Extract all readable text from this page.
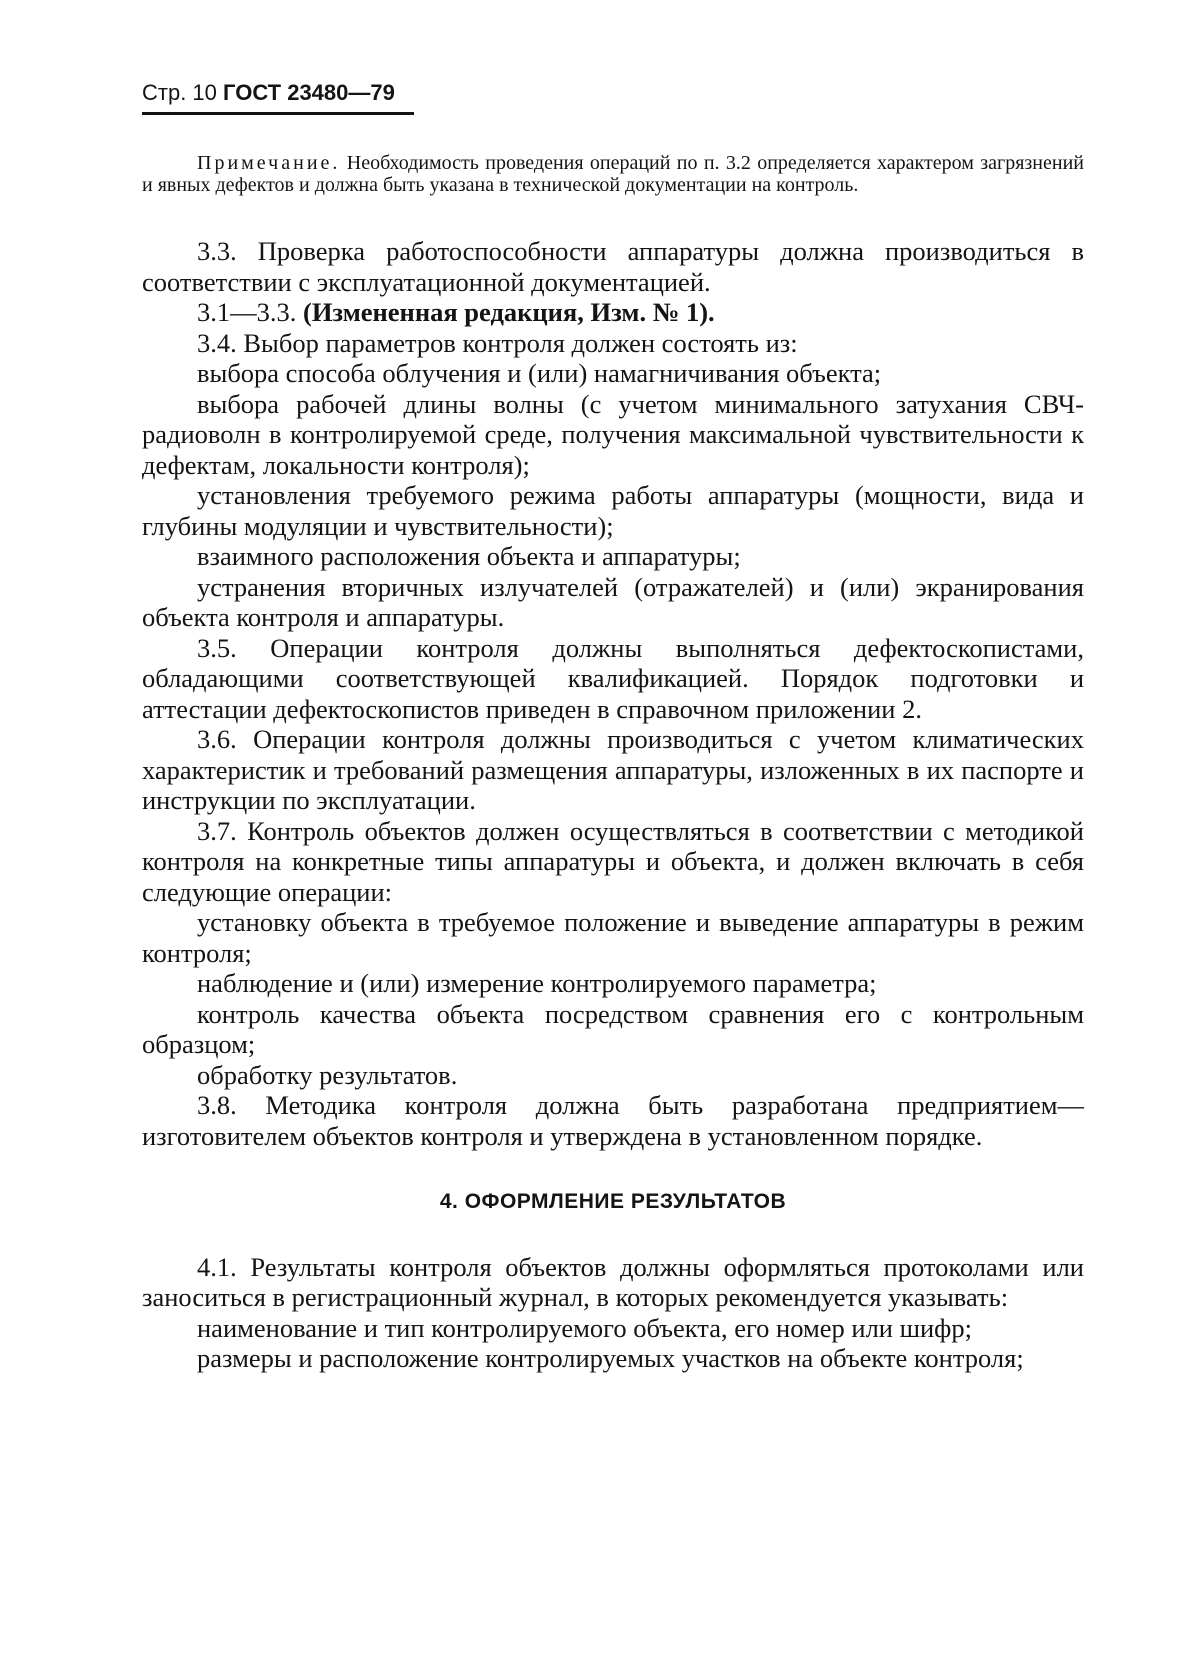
Стр. 10 ГОСТ 23480—79
Примечание. Необходимость проведения операций по п. 3.2 определяется характером загрязнений и явных дефектов и должна быть указана в технической документации на контроль.

3.3. Проверка работоспособности аппаратуры должна производиться в соответствии с эксплуатационной документацией.

3.1—3.3. (Измененная редакция, Изм. № 1).

3.4. Выбор параметров контроля должен состоять из:

выбора способа облучения и (или) намагничивания объекта;

выбора рабочей длины волны (с учетом минимального затухания СВЧ-радиоволн в контролируемой среде, получения максимальной чувствительности к дефектам, локальности контроля);

установления требуемого режима работы аппаратуры (мощности, вида и глубины модуляции и чувствительности);

взаимного расположения объекта и аппаратуры;

устранения вторичных излучателей (отражателей) и (или) экранирования объекта контроля и аппаратуры.

3.5. Операции контроля должны выполняться дефектоскопистами, обладающими соответствующей квалификацией. Порядок подготовки и аттестации дефектоскопистов приведен в справочном приложении 2.

3.6. Операции контроля должны производиться с учетом климатических характеристик и требований размещения аппаратуры, изложенных в их паспорте и инструкции по эксплуатации.

3.7. Контроль объектов должен осуществляться в соответствии с методикой контроля на конкретные типы аппаратуры и объекта, и должен включать в себя следующие операции:

установку объекта в требуемое положение и выведение аппаратуры в режим контроля;

наблюдение и (или) измерение контролируемого параметра;

контроль качества объекта посредством сравнения его с контрольным образцом;

обработку результатов.

3.8. Методика контроля должна быть разработана предприятием—изготовителем объектов контроля и утверждена в установленном порядке.

4. ОФОРМЛЕНИЕ РЕЗУЛЬТАТОВ

4.1. Результаты контроля объектов должны оформляться протоколами или заноситься в регистрационный журнал, в которых рекомендуется указывать:

наименование и тип контролируемого объекта, его номер или шифр;

размеры и расположение контролируемых участков на объекте контроля;
